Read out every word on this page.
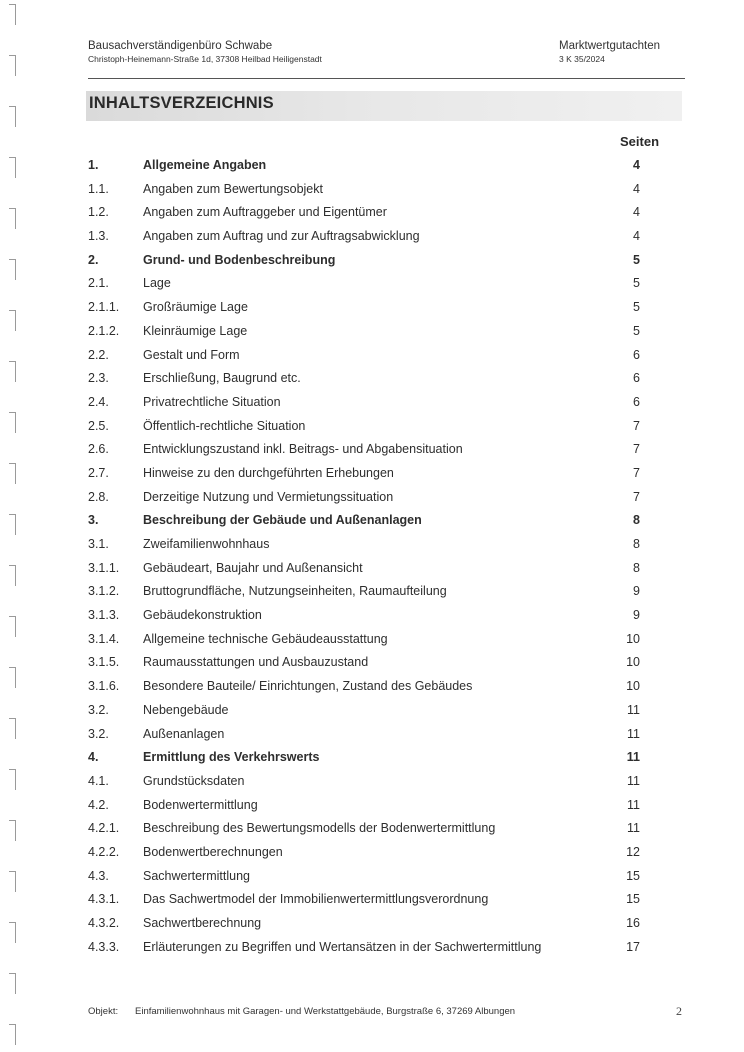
Bausachverständigenbüro Schwabe
Christoph-Heinemann-Straße 1d, 37308 Heilbad Heiligenstadt
Marktwertgutachten
3 K 35/2024
INHALTSVERZEICHNIS
Seiten
1.	Allgemeine Angaben	4
1.1.	Angaben zum Bewertungsobjekt	4
1.2.	Angaben zum Auftraggeber und Eigentümer	4
1.3.	Angaben zum Auftrag und zur Auftragsabwicklung	4
2.	Grund- und Bodenbeschreibung	5
2.1.	Lage	5
2.1.1. Großräumige Lage	5
2.1.2. Kleinräumige Lage	5
2.2.	Gestalt und Form	6
2.3.	Erschließung, Baugrund etc.	6
2.4.	Privatrechtliche Situation	6
2.5.	Öffentlich-rechtliche Situation	7
2.6.	Entwicklungszustand inkl. Beitrags- und Abgabensituation	7
2.7.	Hinweise zu den durchgeführten Erhebungen	7
2.8.	Derzeitige Nutzung und Vermietungssituation	7
3.	Beschreibung der Gebäude und Außenanlagen	8
3.1.	Zweifamilienwohnhaus	8
3.1.1. Gebäudeart, Baujahr und Außenansicht	8
3.1.2. Bruttogrundfläche, Nutzungseinheiten, Raumaufteilung	9
3.1.3. Gebäudekonstruktion	9
3.1.4. Allgemeine technische Gebäudeausstattung	10
3.1.5. Raumausstattungen und Ausbauzustand	10
3.1.6. Besondere Bauteile/ Einrichtungen, Zustand des Gebäudes	10
3.2.	Nebengebäude	11
3.2.	Außenanlagen	11
4.	Ermittlung des Verkehrswerts	11
4.1.	Grundstücksdaten	11
4.2.	Bodenwertermittlung	11
4.2.1. Beschreibung des Bewertungsmodells der Bodenwertermittlung	11
4.2.2. Bodenwertberechnungen	12
4.3.	Sachwertermittlung	15
4.3.1. Das Sachwertmodel der Immobilienwertermittlungsverordnung	15
4.3.2. Sachwertberechnung	16
4.3.3. Erläuterungen zu Begriffen und Wertansätzen in der Sachwertermittlung	17
Objekt: Einfamilienwohnhaus mit Garagen- und Werkstattgebäude, Burgstraße 6, 37269 Albungen	2
